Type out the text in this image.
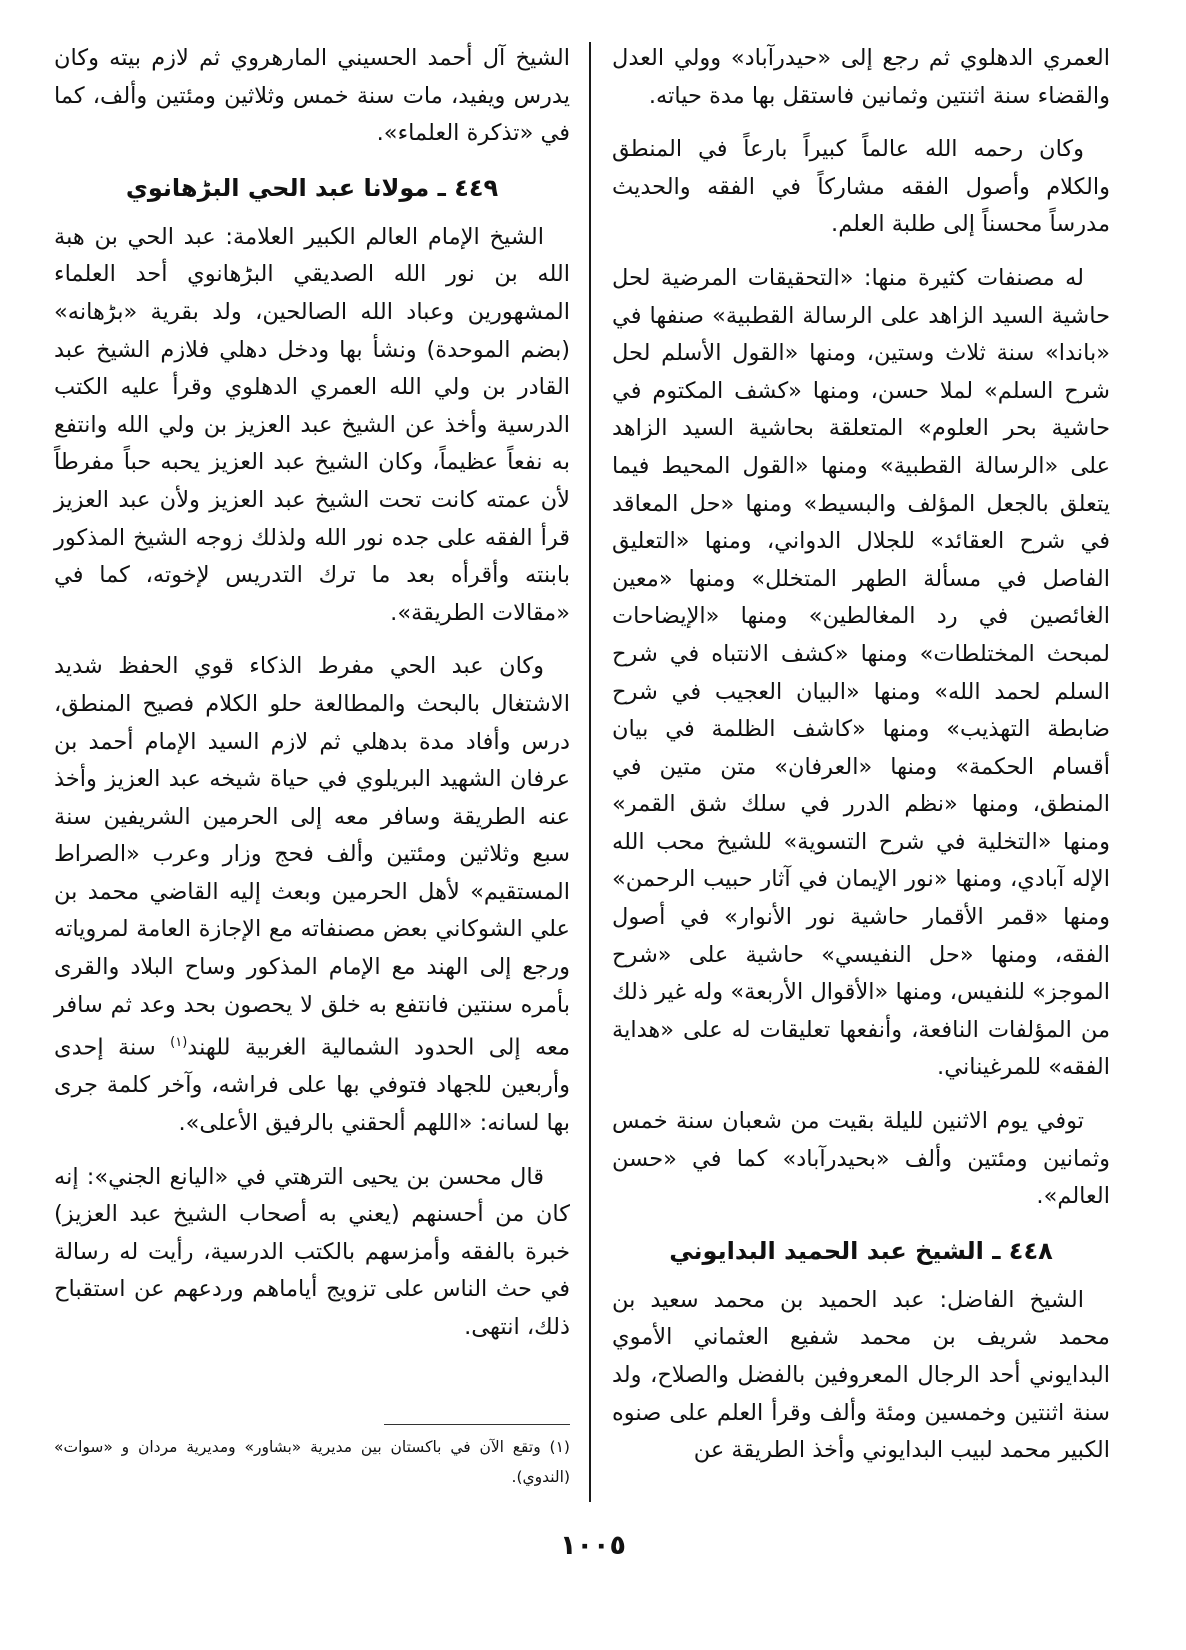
العمري الدهلوي ثم رجع إلى «حيدرآباد» وولي العدل والقضاء سنة اثنتين وثمانين فاستقل بها مدة حياته.

وكان رحمه الله عالماً كبيراً بارعاً في المنطق والكلام وأصول الفقه مشاركاً في الفقه والحديث مدرساً محسناً إلى طلبة العلم.

له مصنفات كثيرة منها: «التحقيقات المرضية لحل حاشية السيد الزاهد على الرسالة القطبية» صنفها في «باندا» سنة ثلاث وستين، ومنها «القول الأسلم لحل شرح السلم» لملا حسن، ومنها «كشف المكتوم في حاشية بحر العلوم» المتعلقة بحاشية السيد الزاهد على «الرسالة القطبية» ومنها «القول المحيط فيما يتعلق بالجعل المؤلف والبسيط» ومنها «حل المعاقد في شرح العقائد» للجلال الدواني، ومنها «التعليق الفاصل في مسألة الطهر المتخلل» ومنها «معين الغائصين في رد المغالطين» ومنها «الإيضاحات لمبحث المختلطات» ومنها «كشف الانتباه في شرح السلم لحمد الله» ومنها «البيان العجيب في شرح ضابطة التهذيب» ومنها «كاشف الظلمة في بيان أقسام الحكمة» ومنها «العرفان» متن متين في المنطق، ومنها «نظم الدرر في سلك شق القمر» ومنها «التخلية في شرح التسوية» للشيخ محب الله الإله آبادي، ومنها «نور الإيمان في آثار حبيب الرحمن» ومنها «قمر الأقمار حاشية نور الأنوار» في أصول الفقه، ومنها «حل النفيسي» حاشية على «شرح الموجز» للنفيس، ومنها «الأقوال الأربعة» وله غير ذلك من المؤلفات النافعة، وأنفعها تعليقات له على «هداية الفقه» للمرغيناني.

توفي يوم الاثنين لليلة بقيت من شعبان سنة خمس وثمانين ومئتين وألف «بحيدرآباد» كما في «حسن العالم».

٤٤٨ ـ الشيخ عبد الحميد البدايوني

الشيخ الفاضل: عبد الحميد بن محمد سعيد بن محمد شريف بن محمد شفيع العثماني الأموي البدايوني أحد الرجال المعروفين بالفضل والصلاح، ولد سنة اثنتين وخمسين ومئة وألف وقرأ العلم على صنوه الكبير محمد لبيب البدايوني وأخذ الطريقة عن

الشيخ آل أحمد الحسيني المارهروي ثم لازم بيته وكان يدرس ويفيد، مات سنة خمس وثلاثين ومئتين وألف، كما في «تذكرة العلماء».

٤٤٩ ـ مولانا عبد الحي البڑهانوي

الشيخ الإمام العالم الكبير العلامة: عبد الحي بن هبة الله بن نور الله الصديقي البڑهانوي أحد العلماء المشهورين وعباد الله الصالحين، ولد بقرية «بڑهانه» (بضم الموحدة) ونشأ بها ودخل دهلي فلازم الشيخ عبد القادر بن ولي الله العمري الدهلوي وقرأ عليه الكتب الدرسية وأخذ عن الشيخ عبد العزيز بن ولي الله وانتفع به نفعاً عظيماً، وكان الشيخ عبد العزيز يحبه حباً مفرطاً لأن عمته كانت تحت الشيخ عبد العزيز ولأن عبد العزيز قرأ الفقه على جده نور الله ولذلك زوجه الشيخ المذكور بابنته وأقرأه بعد ما ترك التدريس لإخوته، كما في «مقالات الطريقة».

وكان عبد الحي مفرط الذكاء قوي الحفظ شديد الاشتغال بالبحث والمطالعة حلو الكلام فصيح المنطق، درس وأفاد مدة بدهلي ثم لازم السيد الإمام أحمد بن عرفان الشهيد البريلوي في حياة شيخه عبد العزيز وأخذ عنه الطريقة وسافر معه إلى الحرمين الشريفين سنة سبع وثلاثين ومئتين وألف فحج وزار وعرب «الصراط المستقيم» لأهل الحرمين وبعث إليه القاضي محمد بن علي الشوكاني بعض مصنفاته مع الإجازة العامة لمروياته ورجع إلى الهند مع الإمام المذكور وساح البلاد والقرى بأمره سنتين فانتفع به خلق لا يحصون بحد وعد ثم سافر معه إلى الحدود الشمالية الغربية للهند$^{(١)}$ سنة إحدى وأربعين للجهاد فتوفي بها على فراشه، وآخر كلمة جرى بها لسانه: «اللهم ألحقني بالرفيق الأعلى».

قال محسن بن يحيى الترهتي في «اليانع الجني»: إنه كان من أحسنهم (يعني به أصحاب الشيخ عبد العزيز) خبرة بالفقه وأمزسهم بالكتب الدرسية، رأيت له رسالة في حث الناس على تزويج أياماهم وردعهم عن استقباح ذلك، انتهى.

(١) وتقع الآن في باكستان بين مديرية «بشاور» ومديرية مردان و «سوات» (الندوي).
١٠٠٥
